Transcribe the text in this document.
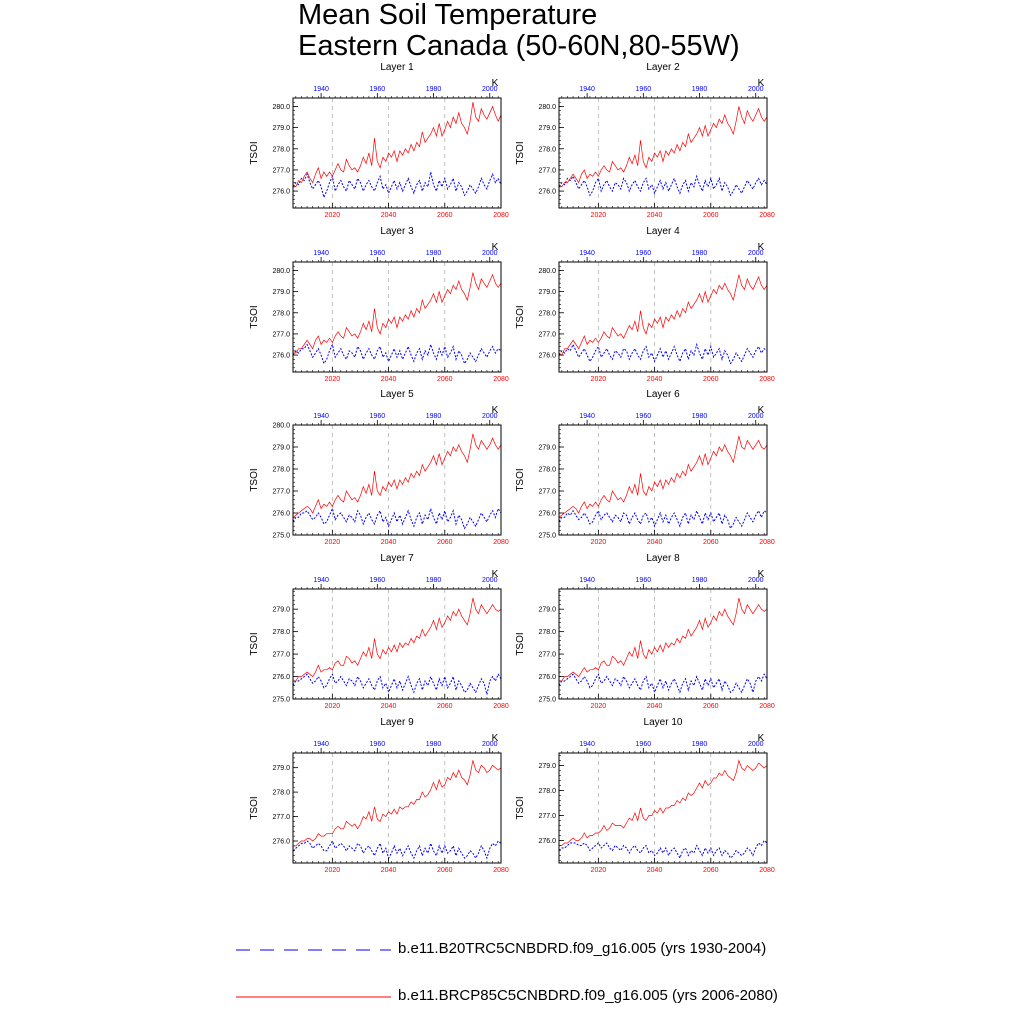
Mean Soil Temperature
Eastern Canada (50-60N,80-55W)
276.0
277.0
278.0
279.0
280.0
2020	2040	2060	2080
1940	1960	1980	2000
Layer 1
K
TSOI
276.0
277.0
278.0
279.0
280.0
2020	2040	2060	2080
1940	1960	1980	2000
Layer 2
K
TSOI
276.0
277.0
278.0
279.0
280.0
2020	2040	2060	2080
1940	1960	1980	2000
Layer 3
K
TSOI
276.0
277.0
278.0
279.0
280.0
2020	2040	2060	2080
1940	1960	1980	2000
Layer 4
K
TSOI
275.0
276.0
277.0
278.0
279.0
280.0
2020	2040	2060	2080
1940	1960	1980	2000
Layer 5
K
TSOI
275.0
276.0
277.0
278.0
279.0
2020	2040	2060	2080
1940	1960	1980	2000
Layer 6
K
TSOI
275.0
276.0
277.0
278.0
279.0
2020	2040	2060	2080
1940	1960	1980	2000
Layer 7
K
TSOI
275.0
276.0
277.0
278.0
279.0
2020	2040	2060	2080
1940	1960	1980	2000
Layer 8
K
TSOI
276.0
277.0
278.0
279.0
2020	2040	2060	2080
1940	1960	1980	2000
Layer 9
K
TSOI
276.0
277.0
278.0
279.0
2020	2040	2060	2080
1940	1960	1980	2000
Layer 10
K
TSOI
b.e11.B20TRC5CNBDRD.f09_g16.005 (yrs 1930-2004)
b.e11.BRCP85C5CNBDRD.f09_g16.005 (yrs 2006-2080)
